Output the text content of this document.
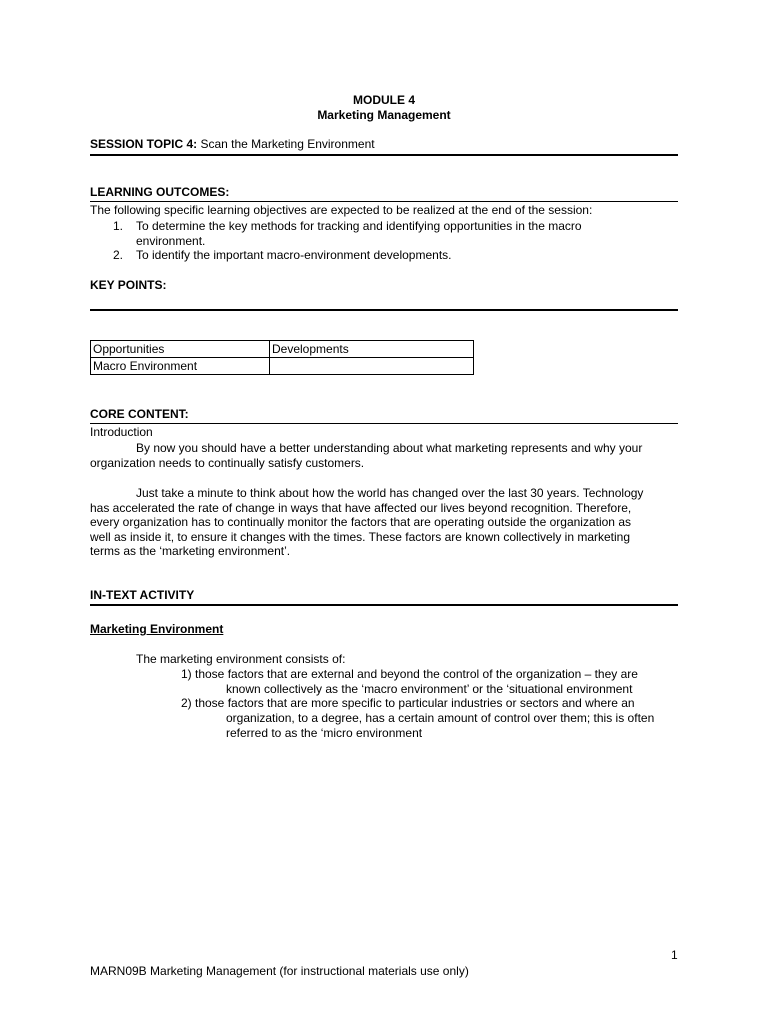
MODULE 4
Marketing Management
SESSION TOPIC 4: Scan the Marketing Environment
LEARNING OUTCOMES:
The following specific learning objectives are expected to be realized at the end of the session:
1. To determine the key methods for tracking and identifying opportunities in the macro
environment.
2. To identify the important macro-environment developments.
KEY POINTS:
Opportunities	Developments
Macro Environment	
CORE CONTENT:
Introduction
By now you should have a better understanding about what marketing represents and why your
organization needs to continually satisfy customers.
Just take a minute to think about how the world has changed over the last 30 years. Technology
has accelerated the rate of change in ways that have affected our lives beyond recognition. Therefore,
every organization has to continually monitor the factors that are operating outside the organization as
well as inside it, to ensure it changes with the times. These factors are known collectively in marketing
terms as the ‘marketing environment’.
IN-TEXT ACTIVITY
Marketing Environment
The marketing environment consists of:
1) those factors that are external and beyond the control of the organization – they are
known collectively as the ‘macro environment’ or the ‘situational environment
2) those factors that are more specific to particular industries or sectors and where an
organization, to a degree, has a certain amount of control over them; this is often
referred to as the ‘micro environment
1
MARN09B Marketing Management (for instructional materials use only)
